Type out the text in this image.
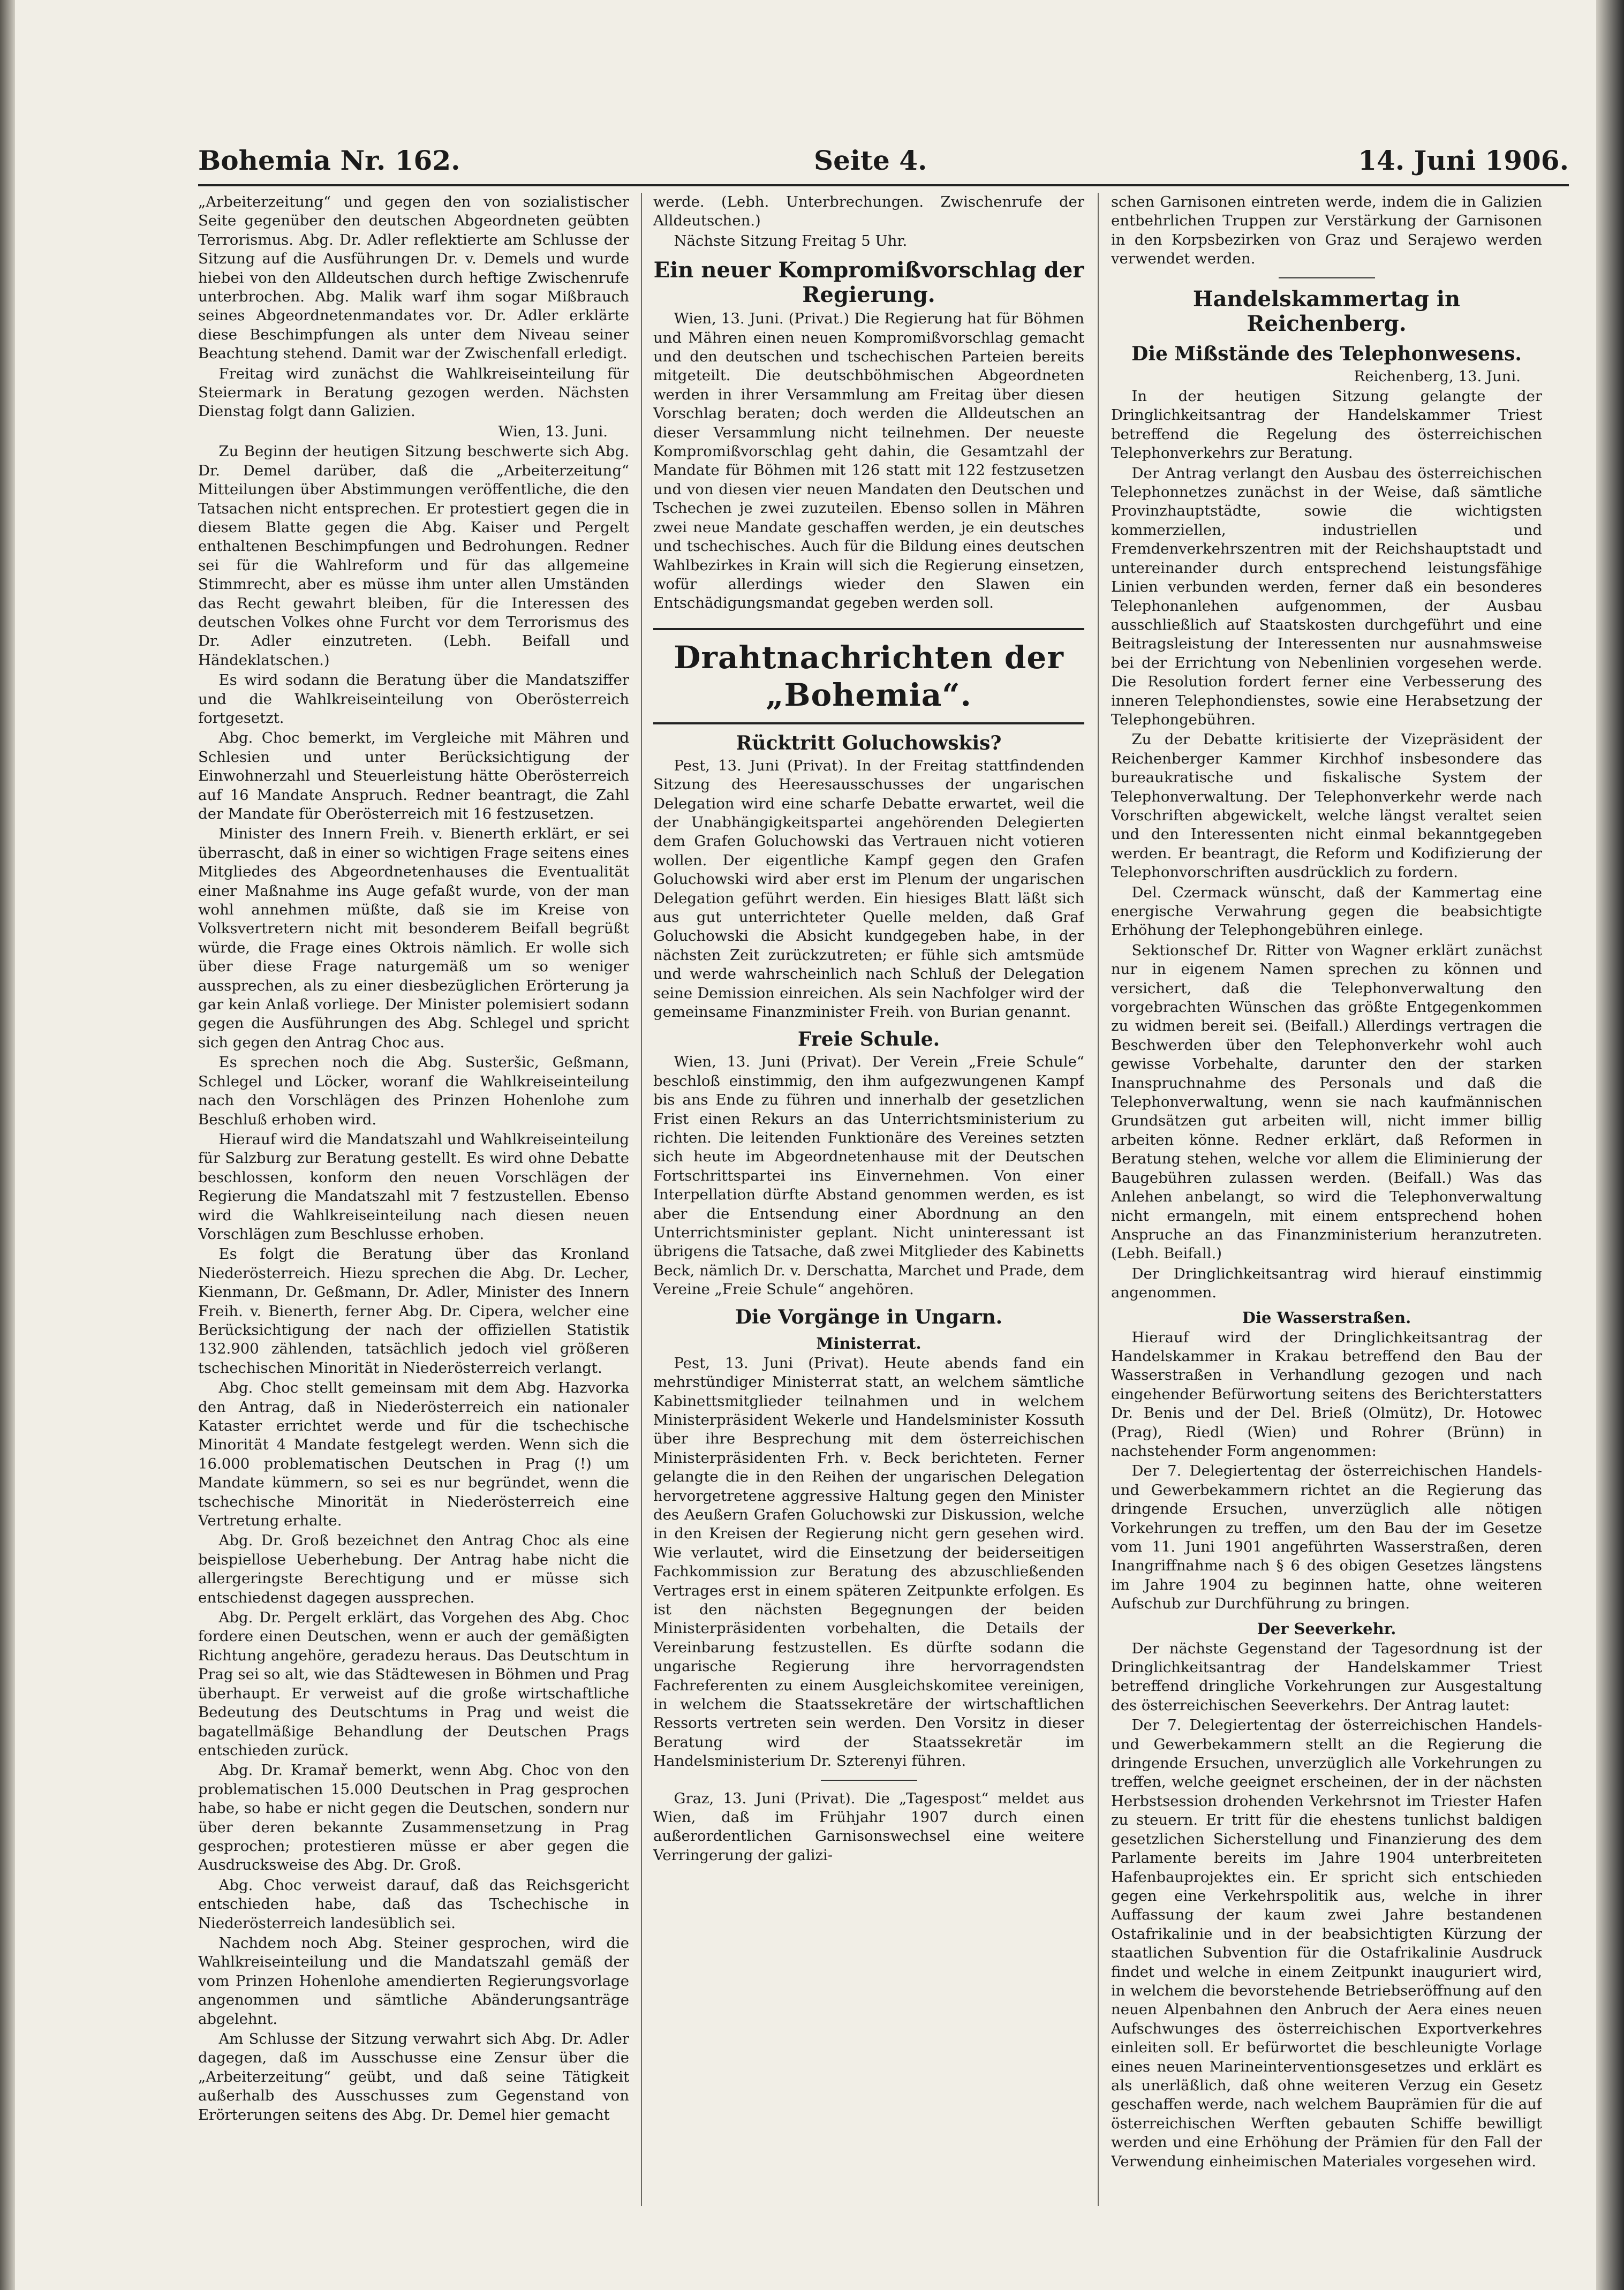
Bohemia Nr. 162.	Seite 4.	14. Juni 1906.

„Arbeiterzeitung“ und gegen den von sozialistischer Seite gegenüber den deutschen Abgeordneten geübten Terrorismus. Abg. Dr. Adler reflektierte am Schlusse der Sitzung auf die Ausführungen Dr. v. Demels und wurde hiebei von den Alldeutschen durch heftige Zwischenrufe unterbrochen. Abg. Malik warf ihm sogar Mißbrauch seines Abgeordnetenmandates vor. Dr. Adler erklärte diese Beschimpfungen als unter dem Niveau seiner Beachtung stehend. Damit war der Zwischenfall erledigt.

Freitag wird zunächst die Wahlkreiseinteilung für Steiermark in Beratung gezogen werden. Nächsten Dienstag folgt dann Galizien.

Wien, 13. Juni.

Zu Beginn der heutigen Sitzung beschwerte sich Abg. Dr. Demel darüber, daß die „Arbeiterzeitung“ Mitteilungen über Abstimmungen veröffentliche, die den Tatsachen nicht entsprechen. Er protestiert gegen die in diesem Blatte gegen die Abg. Kaiser und Pergelt enthaltenen Beschimpfungen und Bedrohungen. Redner sei für die Wahlreform und für das allgemeine Stimmrecht, aber es müsse ihm unter allen Umständen das Recht gewahrt bleiben, für die Interessen des deutschen Volkes ohne Furcht vor dem Terrorismus des Dr. Adler einzutreten. (Lebh. Beifall und Händeklatschen.)

Es wird sodann die Beratung über die Mandatsziffer und die Wahlkreiseinteilung von Oberösterreich fortgesetzt.

Abg. Choc bemerkt, im Vergleiche mit Mähren und Schlesien und unter Berücksichtigung der Einwohnerzahl und Steuerleistung hätte Oberösterreich auf 16 Mandate Anspruch. Redner beantragt, die Zahl der Mandate für Oberösterreich mit 16 festzusetzen.

Minister des Innern Freih. v. Bienerth erklärt, er sei überrascht, daß in einer so wichtigen Frage seitens eines Mitgliedes des Abgeordnetenhauses die Eventualität einer Maßnahme ins Auge gefaßt wurde, von der man wohl annehmen müßte, daß sie im Kreise von Volksvertretern nicht mit besonderem Beifall begrüßt würde, die Frage eines Oktrois nämlich. Er wolle sich über diese Frage naturgemäß um so weniger aussprechen, als zu einer diesbezüglichen Erörterung ja gar kein Anlaß vorliege. Der Minister polemisiert sodann gegen die Ausführungen des Abg. Schlegel und spricht sich gegen den Antrag Choc aus.

Es sprechen noch die Abg. Susteršic, Geßmann, Schlegel und Löcker, woranf die Wahlkreiseinteilung nach den Vorschlägen des Prinzen Hohenlohe zum Beschluß erhoben wird.

Hierauf wird die Mandatszahl und Wahlkreiseinteilung für Salzburg zur Beratung gestellt. Es wird ohne Debatte beschlossen, konform den neuen Vorschlägen der Regierung die Mandatszahl mit 7 festzustellen. Ebenso wird die Wahlkreiseinteilung nach diesen neuen Vorschlägen zum Beschlusse erhoben.

Es folgt die Beratung über das Kronland Niederösterreich. Hiezu sprechen die Abg. Dr. Lecher, Kienmann, Dr. Geßmann, Dr. Adler, Minister des Innern Freih. v. Bienerth, ferner Abg. Dr. Cipera, welcher eine Berücksichtigung der nach der offiziellen Statistik 132.900 zählenden, tatsächlich jedoch viel größeren tschechischen Minorität in Niederösterreich verlangt.

Abg. Choc stellt gemeinsam mit dem Abg. Hazvorka den Antrag, daß in Niederösterreich ein nationaler Kataster errichtet werde und für die tschechische Minorität 4 Mandate festgelegt werden. Wenn sich die 16.000 problematischen Deutschen in Prag (!) um Mandate kümmern, so sei es nur begründet, wenn die tschechische Minorität in Niederösterreich eine Vertretung erhalte.

Abg. Dr. Groß bezeichnet den Antrag Choc als eine beispiellose Ueberhebung. Der Antrag habe nicht die allergeringste Berechtigung und er müsse sich entschiedenst dagegen aussprechen.

Abg. Dr. Pergelt erklärt, das Vorgehen des Abg. Choc fordere einen Deutschen, wenn er auch der gemäßigten Richtung angehöre, geradezu heraus. Das Deutschtum in Prag sei so alt, wie das Städtewesen in Böhmen und Prag überhaupt. Er verweist auf die große wirtschaftliche Bedeutung des Deutschtums in Prag und weist die bagatellmäßige Behandlung der Deutschen Prags entschieden zurück.

Abg. Dr. Kramař bemerkt, wenn Abg. Choc von den problematischen 15.000 Deutschen in Prag gesprochen habe, so habe er nicht gegen die Deutschen, sondern nur über deren bekannte Zusammensetzung in Prag gesprochen; protestieren müsse er aber gegen die Ausdrucksweise des Abg. Dr. Groß.

Abg. Choc verweist darauf, daß das Reichsgericht entschieden habe, daß das Tschechische in Niederösterreich landesüblich sei.

Nachdem noch Abg. Steiner gesprochen, wird die Wahlkreiseinteilung und die Mandatszahl gemäß der vom Prinzen Hohenlohe amendierten Regierungsvorlage angenommen und sämtliche Abänderungsanträge abgelehnt.

Am Schlusse der Sitzung verwahrt sich Abg. Dr. Adler dagegen, daß im Ausschusse eine Zensur über die „Arbeiterzeitung“ geübt, und daß seine Tätigkeit außerhalb des Ausschusses zum Gegenstand von Erörterungen seitens des Abg. Dr. Demel hier gemacht

werde. (Lebh. Unterbrechungen. Zwischenrufe der Alldeutschen.)

Nächste Sitzung Freitag 5 Uhr.

Ein neuer Kompromißvorschlag der Regierung.

Wien, 13. Juni. (Privat.) Die Regierung hat für Böhmen und Mähren einen neuen Kompromißvorschlag gemacht und den deutschen und tschechischen Parteien bereits mitgeteilt. Die deutschböhmischen Abgeordneten werden in ihrer Versammlung am Freitag über diesen Vorschlag beraten; doch werden die Alldeutschen an dieser Versammlung nicht teilnehmen. Der neueste Kompromißvorschlag geht dahin, die Gesamtzahl der Mandate für Böhmen mit 126 statt mit 122 festzusetzen und von diesen vier neuen Mandaten den Deutschen und Tschechen je zwei zuzuteilen. Ebenso sollen in Mähren zwei neue Mandate geschaffen werden, je ein deutsches und tschechisches. Auch für die Bildung eines deutschen Wahlbezirkes in Krain will sich die Regierung einsetzen, wofür allerdings wieder den Slawen ein Entschädigungsmandat gegeben werden soll.

Drahtnachrichten der „Bohemia“.
Rücktritt Goluchowskis?

Pest, 13. Juni (Privat). In der Freitag stattfindenden Sitzung des Heeresausschusses der ungarischen Delegation wird eine scharfe Debatte erwartet, weil die der Unabhängigkeitspartei angehörenden Delegierten dem Grafen Goluchowski das Vertrauen nicht votieren wollen. Der eigentliche Kampf gegen den Grafen Goluchowski wird aber erst im Plenum der ungarischen Delegation geführt werden. Ein hiesiges Blatt läßt sich aus gut unterrichteter Quelle melden, daß Graf Goluchowski die Absicht kundgegeben habe, in der nächsten Zeit zurückzutreten; er fühle sich amtsmüde und werde wahrscheinlich nach Schluß der Delegation seine Demission einreichen. Als sein Nachfolger wird der gemeinsame Finanzminister Freih. von Burian genannt.

Freie Schule.

Wien, 13. Juni (Privat). Der Verein „Freie Schule“ beschloß einstimmig, den ihm aufgezwungenen Kampf bis ans Ende zu führen und innerhalb der gesetzlichen Frist einen Rekurs an das Unterrichtsministerium zu richten. Die leitenden Funktionäre des Vereines setzten sich heute im Abgeordnetenhause mit der Deutschen Fortschrittspartei ins Einvernehmen. Von einer Interpellation dürfte Abstand genommen werden, es ist aber die Entsendung einer Abordnung an den Unterrichtsminister geplant. Nicht uninteressant ist übrigens die Tatsache, daß zwei Mitglieder des Kabinetts Beck, nämlich Dr. v. Derschatta, Marchet und Prade, dem Vereine „Freie Schule“ angehören.

Die Vorgänge in Ungarn.
Ministerrat.

Pest, 13. Juni (Privat). Heute abends fand ein mehrstündiger Ministerrat statt, an welchem sämtliche Kabinettsmitglieder teilnahmen und in welchem Ministerpräsident Wekerle und Handelsminister Kossuth über ihre Besprechung mit dem österreichischen Ministerpräsidenten Frh. v. Beck berichteten. Ferner gelangte die in den Reihen der ungarischen Delegation hervorgetretene aggressive Haltung gegen den Minister des Aeußern Grafen Goluchowski zur Diskussion, welche in den Kreisen der Regierung nicht gern gesehen wird. Wie verlautet, wird die Einsetzung der beiderseitigen Fachkommission zur Beratung des abzuschließenden Vertrages erst in einem späteren Zeitpunkte erfolgen. Es ist den nächsten Begegnungen der beiden Ministerpräsidenten vorbehalten, die Details der Vereinbarung festzustellen. Es dürfte sodann die ungarische Regierung ihre hervorragendsten Fachreferenten zu einem Ausgleichskomitee vereinigen, in welchem die Staatssekretäre der wirtschaftlichen Ressorts vertreten sein werden. Den Vorsitz in dieser Beratung wird der Staatssekretär im Handelsministerium Dr. Szterenyi führen.

Graz, 13. Juni (Privat). Die „Tagespost“ meldet aus Wien, daß im Frühjahr 1907 durch einen außerordentlichen Garnisonswechsel eine weitere Verringerung der galizi-

schen Garnisonen eintreten werde, indem die in Galizien entbehrlichen Truppen zur Verstärkung der Garnisonen in den Korpsbezirken von Graz und Serajewo werden verwendet werden.

Handelskammertag in Reichenberg.
Die Mißstände des Telephonwesens.

Reichenberg, 13. Juni.

In der heutigen Sitzung gelangte der Dringlichkeitsantrag der Handelskammer Triest betreffend die Regelung des österreichischen Telephonverkehrs zur Beratung.

Der Antrag verlangt den Ausbau des österreichischen Telephonnetzes zunächst in der Weise, daß sämtliche Provinzhauptstädte, sowie die wichtigsten kommerziellen, industriellen und Fremdenverkehrszentren mit der Reichshauptstadt und untereinander durch entsprechend leistungsfähige Linien verbunden werden, ferner daß ein besonderes Telephonanlehen aufgenommen, der Ausbau ausschließlich auf Staatskosten durchgeführt und eine Beitragsleistung der Interessenten nur ausnahmsweise bei der Errichtung von Nebenlinien vorgesehen werde. Die Resolution fordert ferner eine Verbesserung des inneren Telephondienstes, sowie eine Herabsetzung der Telephongebühren.

Zu der Debatte kritisierte der Vizepräsident der Reichenberger Kammer Kirchhof insbesondere das bureaukratische und fiskalische System der Telephonverwaltung. Der Telephonverkehr werde nach Vorschriften abgewickelt, welche längst veraltet seien und den Interessenten nicht einmal bekanntgegeben werden. Er beantragt, die Reform und Kodifizierung der Telephonvorschriften ausdrücklich zu fordern.

Del. Czermack wünscht, daß der Kammertag eine energische Verwahrung gegen die beabsichtigte Erhöhung der Telephongebühren einlege.

Sektionschef Dr. Ritter von Wagner erklärt zunächst nur in eigenem Namen sprechen zu können und versichert, daß die Telephonverwaltung den vorgebrachten Wünschen das größte Entgegenkommen zu widmen bereit sei. (Beifall.) Allerdings vertragen die Beschwerden über den Telephonverkehr wohl auch gewisse Vorbehalte, darunter den der starken Inanspruchnahme des Personals und daß die Telephonverwaltung, wenn sie nach kaufmännischen Grundsätzen gut arbeiten will, nicht immer billig arbeiten könne. Redner erklärt, daß Reformen in Beratung stehen, welche vor allem die Eliminierung der Baugebühren zulassen werden. (Beifall.) Was das Anlehen anbelangt, so wird die Telephonverwaltung nicht ermangeln, mit einem entsprechend hohen Anspruche an das Finanzministerium heranzutreten. (Lebh. Beifall.)

Der Dringlichkeitsantrag wird hierauf einstimmig angenommen.

Die Wasserstraßen.

Hierauf wird der Dringlichkeitsantrag der Handelskammer in Krakau betreffend den Bau der Wasserstraßen in Verhandlung gezogen und nach eingehender Befürwortung seitens des Berichterstatters Dr. Benis und der Del. Brieß (Olmütz), Dr. Hotowec (Prag), Riedl (Wien) und Rohrer (Brünn) in nachstehender Form angenommen:

Der 7. Delegiertentag der österreichischen Handels- und Gewerbekammern richtet an die Regierung das dringende Ersuchen, unverzüglich alle nötigen Vorkehrungen zu treffen, um den Bau der im Gesetze vom 11. Juni 1901 angeführten Wasserstraßen, deren Inangriffnahme nach § 6 des obigen Gesetzes längstens im Jahre 1904 zu beginnen hatte, ohne weiteren Aufschub zur Durchführung zu bringen.

Der Seeverkehr.

Der nächste Gegenstand der Tagesordnung ist der Dringlichkeitsantrag der Handelskammer Triest betreffend dringliche Vorkehrungen zur Ausgestaltung des österreichischen Seeverkehrs. Der Antrag lautet:

Der 7. Delegiertentag der österreichischen Handels- und Gewerbekammern stellt an die Regierung die dringende Ersuchen, unverzüglich alle Vorkehrungen zu treffen, welche geeignet erscheinen, der in der nächsten Herbstsession drohenden Verkehrsnot im Triester Hafen zu steuern. Er tritt für die ehestens tunlichst baldigen gesetzlichen Sicherstellung und Finanzierung des dem Parlamente bereits im Jahre 1904 unterbreiteten Hafenbauprojektes ein. Er spricht sich entschieden gegen eine Verkehrspolitik aus, welche in ihrer Auffassung der kaum zwei Jahre bestandenen Ostafrikalinie und in der beabsichtigten Kürzung der staatlichen Subvention für die Ostafrikalinie Ausdruck findet und welche in einem Zeitpunkt inauguriert wird, in welchem die bevorstehende Betriebseröffnung auf den neuen Alpenbahnen den Anbruch der Aera eines neuen Aufschwunges des österreichischen Exportverkehres einleiten soll. Er befürwortet die beschleunigte Vorlage eines neuen Marineinterventionsgesetzes und erklärt es als unerläßlich, daß ohne weiteren Verzug ein Gesetz geschaffen werde, nach welchem Bauprämien für die auf österreichischen Werften gebauten Schiffe bewilligt werden und eine Erhöhung der Prämien für den Fall der Verwendung einheimischen Materiales vorgesehen wird.
